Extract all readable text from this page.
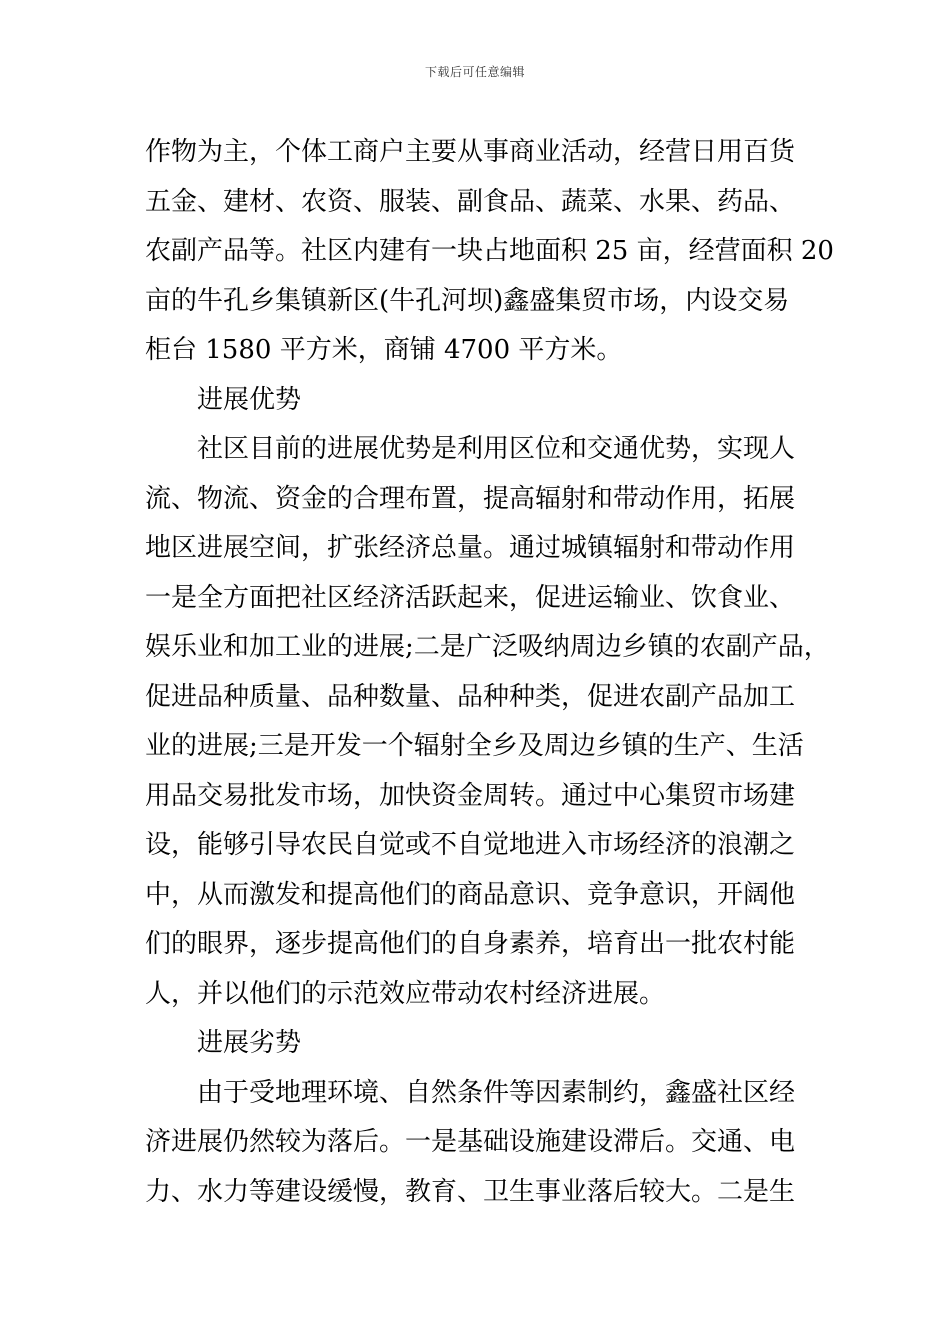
下载后可任意编辑
作物为主，个体工商户主要从事商业活动，经营日用百货
五金、建材、农资、服装、副食品、蔬菜、水果、药品、
农副产品等。社区内建有一块占地面积 25 亩，经营面积 20
亩的牛孔乡集镇新区(牛孔河坝)鑫盛集贸市场，内设交易
柜台 1580 平方米，商铺 4700 平方米。
进展优势
社区目前的进展优势是利用区位和交通优势，实现人
流、物流、资金的合理布置，提高辐射和带动作用，拓展
地区进展空间，扩张经济总量。通过城镇辐射和带动作用
一是全方面把社区经济活跃起来，促进运输业、饮食业、
娱乐业和加工业的进展;二是广泛吸纳周边乡镇的农副产品，
促进品种质量、品种数量、品种种类，促进农副产品加工
业的进展;三是开发一个辐射全乡及周边乡镇的生产、生活
用品交易批发市场，加快资金周转。通过中心集贸市场建
设，能够引导农民自觉或不自觉地进入市场经济的浪潮之
中，从而激发和提高他们的商品意识、竞争意识，开阔他
们的眼界，逐步提高他们的自身素养，培育出一批农村能
人，并以他们的示范效应带动农村经济进展。
进展劣势
由于受地理环境、自然条件等因素制约，鑫盛社区经
济进展仍然较为落后。一是基础设施建设滞后。交通、电
力、水力等建设缓慢，教育、卫生事业落后较大。二是生
